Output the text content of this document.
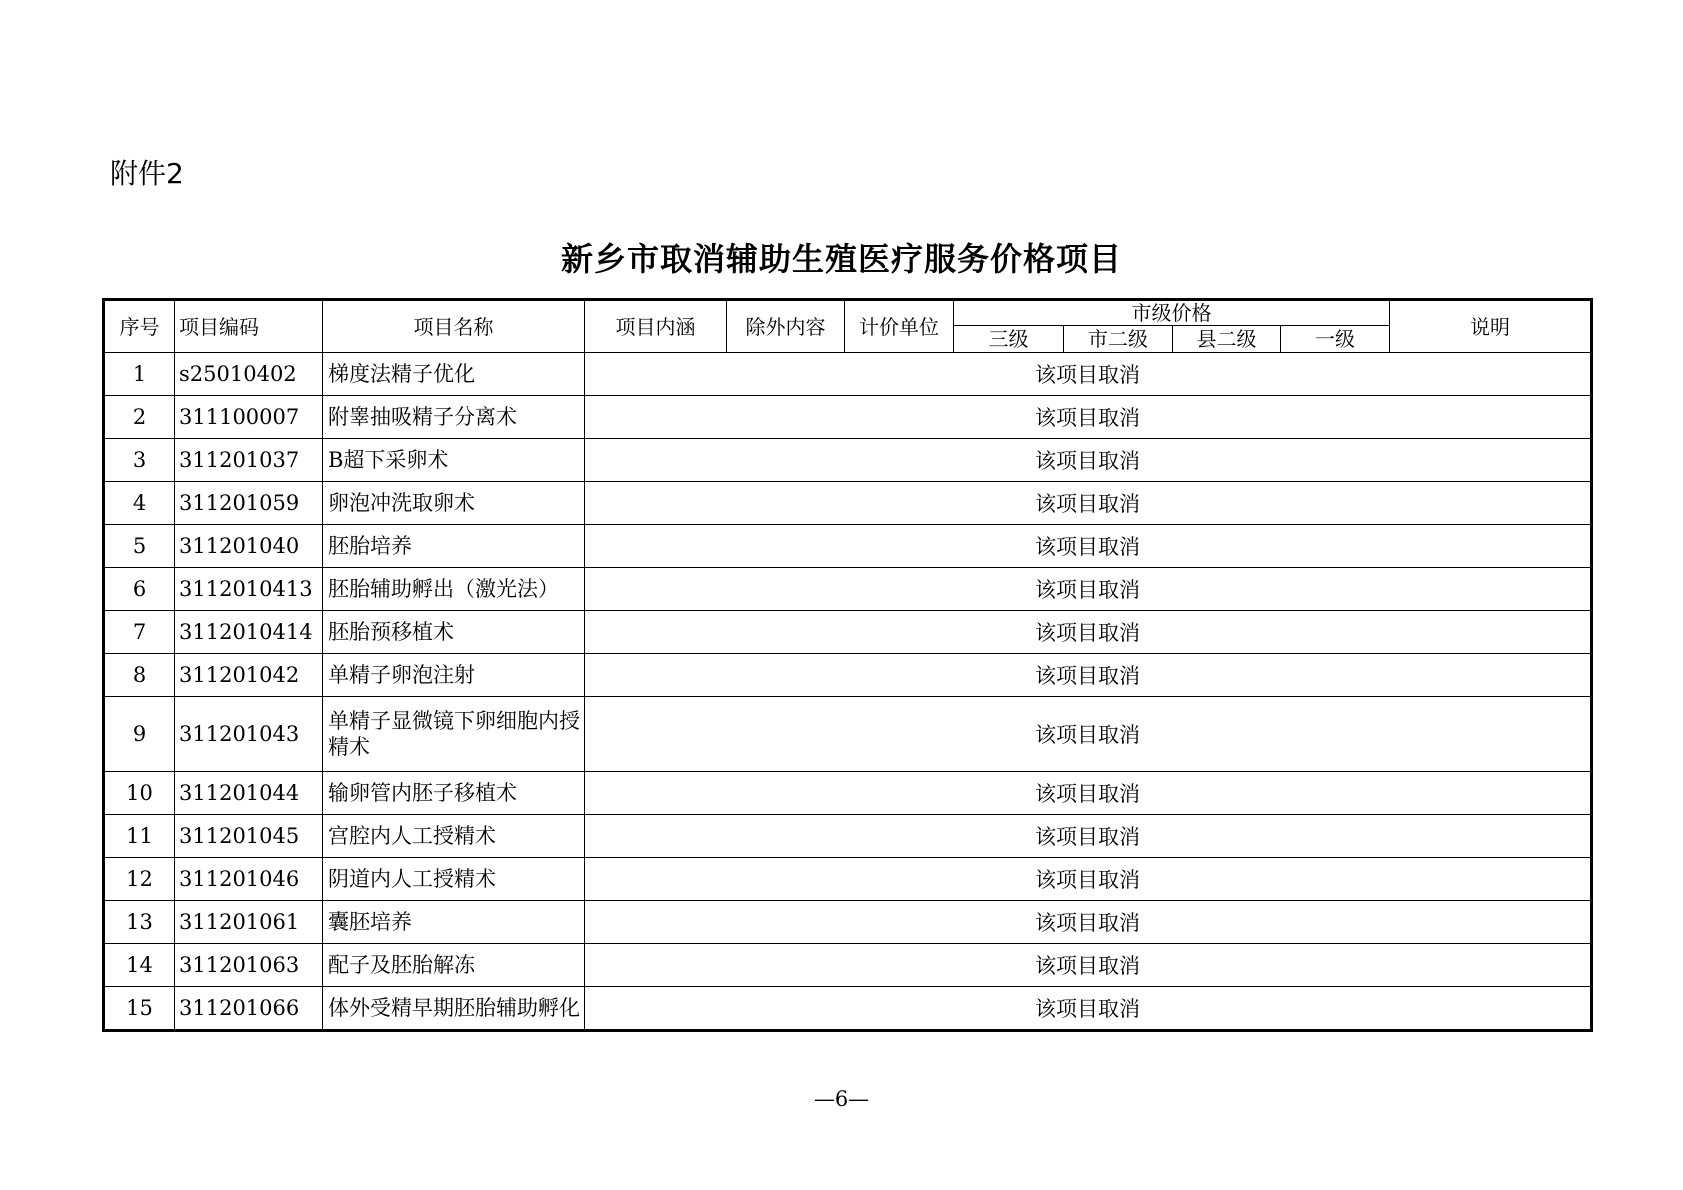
附件2
新乡市取消辅助生殖医疗服务价格项目
序号	项目编码	项目名称	项目内涵	除外内容	计价单位	市级价格				说明
						三级	市二级	县二级	一级	
1	s25010402	梯度法精子优化	该项目取消							
2	311100007	附睾抽吸精子分离术	该项目取消							
3	311201037	B超下采卵术	该项目取消							
4	311201059	卵泡冲洗取卵术	该项目取消							
5	311201040	胚胎培养	该项目取消							
6	3112010413	胚胎辅助孵出（激光法）	该项目取消							
7	3112010414	胚胎预移植术	该项目取消							
8	311201042	单精子卵泡注射	该项目取消							
9	311201043	单精子显微镜下卵细胞内授精术	该项目取消							
10	311201044	输卵管内胚子移植术	该项目取消							
11	311201045	宫腔内人工授精术	该项目取消							
12	311201046	阴道内人工授精术	该项目取消							
13	311201061	囊胚培养	该项目取消							
14	311201063	配子及胚胎解冻	该项目取消							
15	311201066	体外受精早期胚胎辅助孵化	该项目取消							
—6—
